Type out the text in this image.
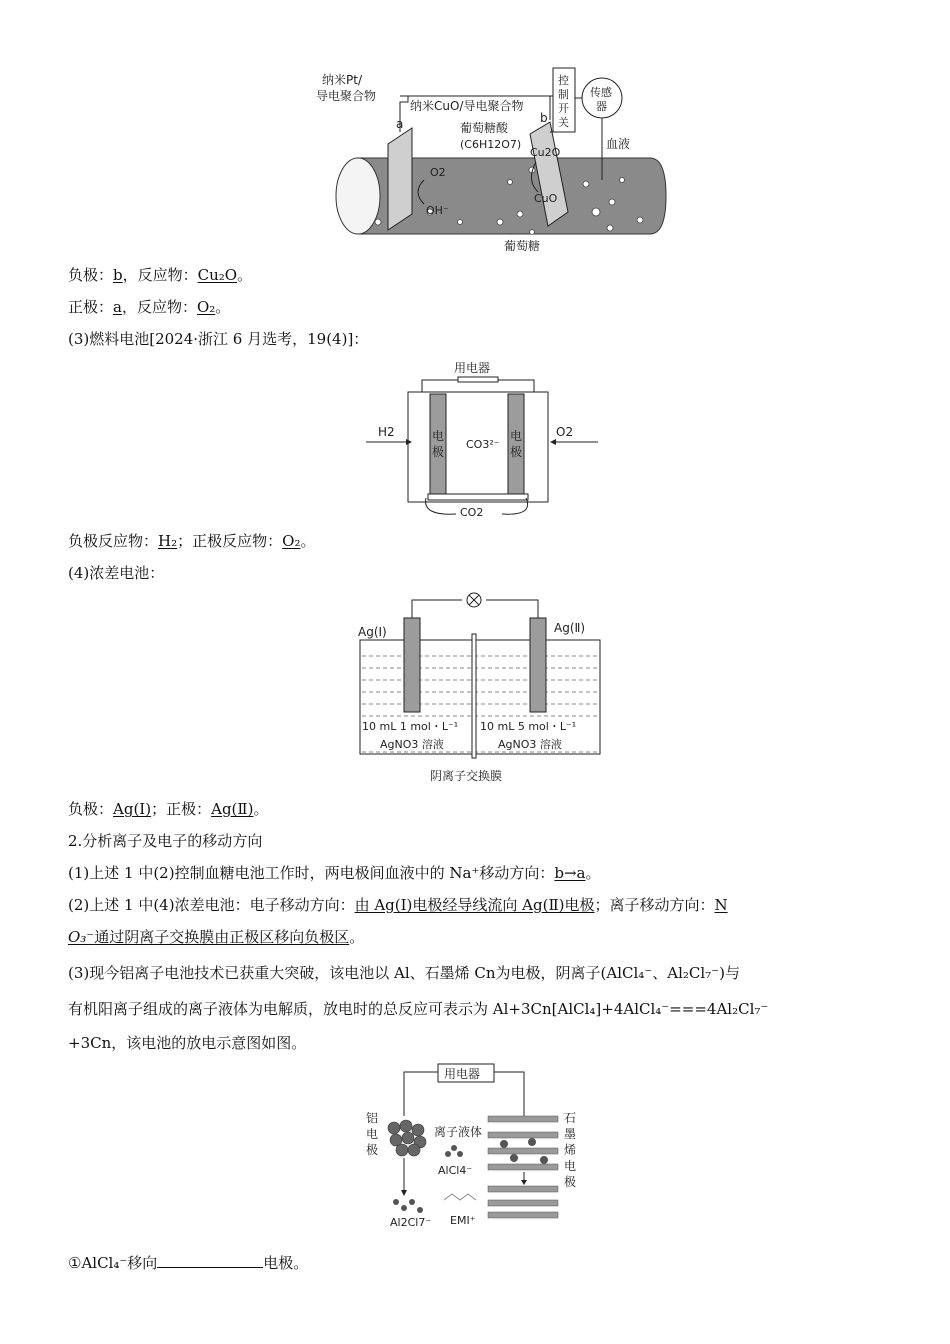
纳米Pt/
导电聚合物
a
纳米CuO/导电聚合物
b
控
制
开
关
传感
器
葡萄糖酸
(C6H12O7)	血液
O2
OH⁻
Cu2O
CuO
葡萄糖
负极：b，反应物：Cu₂O。
正极：a，反应物：O₂。
(3)燃料电池[2024·浙江 6 月选考，19(4)]：
用电器
电
极
电
极
CO3²⁻
H2	O2
CO2
负极反应物：H₂；正极反应物：O₂。
(4)浓差电池：
Ag(Ⅰ)	Ag(Ⅱ)
10 mL 1 mol・L⁻¹
AgNO3 溶液
10 mL 5 mol・L⁻¹
AgNO3 溶液
阴离子交换膜
负极：Ag(Ⅰ)；正极：Ag(Ⅱ)。
2.分析离子及电子的移动方向
(1)上述 1 中(2)控制血糖电池工作时，两电极间血液中的 Na⁺移动方向：b→a。
(2)上述 1 中(4)浓差电池：电子移动方向：由 Ag(Ⅰ)电极经导线流向 Ag(Ⅱ)电极；离子移动方向：N
O₃⁻通过阴离子交换膜由正极区移向负极区。
(3)现今铝离子电池技术已获重大突破，该电池以 Al、石墨烯 Cn为电极，阴离子(AlCl₄⁻、Al₂Cl₇⁻)与
有机阳离子组成的离子液体为电解质，放电时的总反应可表示为 Al+3Cn[AlCl₄]+4AlCl₄⁻===4Al₂Cl₇⁻
+3Cn，该电池的放电示意图如图。
用电器
铝
电
极
离子液体
AlCl4⁻
Al2Cl7⁻ EMI⁺
石
墨
烯
电
极
①AlCl₄⁻移向	电极。
